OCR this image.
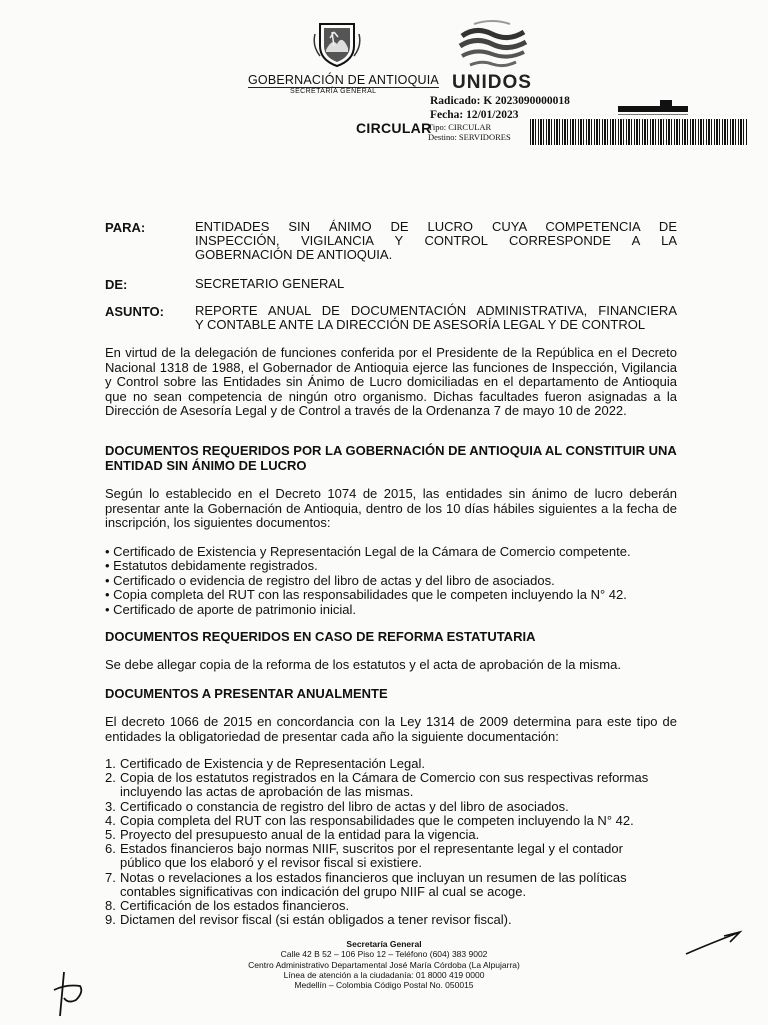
GOBERNACIÓN DE ANTIOQUIA
SECRETARÍA GENERAL	UNIDOS
Radicado: K 2023090000018
Fecha: 12/01/2023
CIRCULAR
Tipo: CIRCULAR
Destino: SERVIDORES
PARA:	ENTIDADES SIN ÁNIMO DE LUCRO CUYA COMPETENCIA DE
INSPECCIÓN, VIGILANCIA Y CONTROL CORRESPONDE A LA
GOBERNACIÓN DE ANTIOQUIA.
DE:	SECRETARIO GENERAL
ASUNTO: REPORTE ANUAL DE DOCUMENTACIÓN ADMINISTRATIVA, FINANCIERA
Y CONTABLE ANTE LA DIRECCIÓN DE ASESORÍA LEGAL Y DE CONTROL
En virtud de la delegación de funciones conferida por el Presidente de la República en el Decreto Nacional 1318 de 1988, el Gobernador de Antioquia ejerce las funciones de Inspección, Vigilancia y Control sobre las Entidades sin Ánimo de Lucro domiciliadas en el departamento de Antioquia que no sean competencia de ningún otro organismo. Dichas facultades fueron asignadas a la Dirección de Asesoría Legal y de Control a través de la Ordenanza 7 de mayo 10 de 2022.
DOCUMENTOS REQUERIDOS POR LA GOBERNACIÓN DE ANTIOQUIA AL CONSTITUIR UNA ENTIDAD SIN ÁNIMO DE LUCRO
Según lo establecido en el Decreto 1074 de 2015, las entidades sin ánimo de lucro deberán presentar ante la Gobernación de Antioquia, dentro de los 10 días hábiles siguientes a la fecha de inscripción, los siguientes documentos:
• Certificado de Existencia y Representación Legal de la Cámara de Comercio competente.
• Estatutos debidamente registrados.
• Certificado o evidencia de registro del libro de actas y del libro de asociados.
• Copia completa del RUT con las responsabilidades que le competen incluyendo la N° 42.
• Certificado de aporte de patrimonio inicial.
DOCUMENTOS REQUERIDOS EN CASO DE REFORMA ESTATUTARIA
Se debe allegar copia de la reforma de los estatutos y el acta de aprobación de la misma.
DOCUMENTOS A PRESENTAR ANUALMENTE
El decreto 1066 de 2015 en concordancia con la Ley 1314 de 2009 determina para este tipo de entidades la obligatoriedad de presentar cada año la siguiente documentación:
1. Certificado de Existencia y de Representación Legal.
2. Copia de los estatutos registrados en la Cámara de Comercio con sus respectivas reformas
incluyendo las actas de aprobación de las mismas.
3. Certificado o constancia de registro del libro de actas y del libro de asociados.
4. Copia completa del RUT con las responsabilidades que le competen incluyendo la N° 42.
5. Proyecto del presupuesto anual de la entidad para la vigencia.
6. Estados financieros bajo normas NIIF, suscritos por el representante legal y el contador
público que los elaboró y el revisor fiscal si existiere.
7. Notas o revelaciones a los estados financieros que incluyan un resumen de las políticas
contables significativas con indicación del grupo NIIF al cual se acoge.
8. Certificación de los estados financieros.
9. Dictamen del revisor fiscal (si están obligados a tener revisor fiscal).
Secretaría General
Calle 42 B 52 – 106 Piso 12 – Teléfono (604) 383 9002
Centro Administrativo Departamental José María Córdoba (La Alpujarra)
Línea de atención a la ciudadanía: 01 8000 419 0000
Medellín – Colombia Código Postal No. 050015
